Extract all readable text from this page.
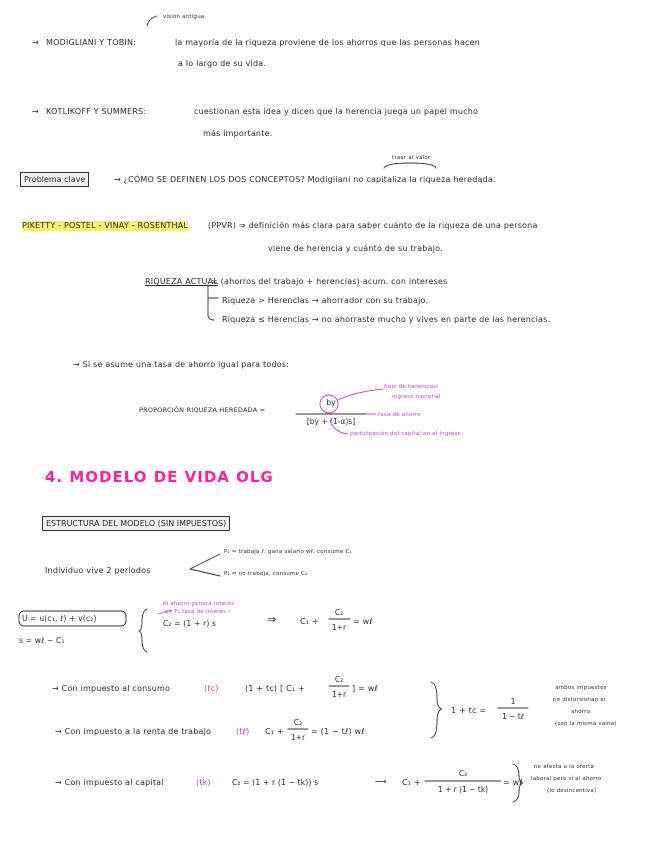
visión antigua
→ MODIGLIANI Y TOBIN:	la mayoría de la riqueza proviene de los ahorros que las personas hacen
a lo largo de su vida.
→ KOTLIKOFF Y SUMMERS:	cuestionan esta idea y dicen que la herencia juega un papel mucho
más importante.
traer al valor
Problema clave	→ ¿CÓMO SE DEFINEN LOS DOS CONCEPTOS? Modigliani no capitaliza la riqueza heredada.
PIKETTY - POSTEL - VINAY - ROSENTHAL (PPVR) ⇒ definición más clara para saber cuánto de la riqueza de una persona
viene de herencia y cuánto de su trabajo.
RIQUEZA ACTUAL
= (ahorros del trabajo + herencias) acum. con intereses
Riqueza > Herencias → ahorrador con su trabajo.
Riqueza ≤ Herencias → no ahorraste mucho y vives en parte de las herencias.
→ Si se asume una tasa de ahorro igual para todos:
PROPORCIÓN RIQUEZA HEREDADA =
by
[by + (1-α)s]
flujo de herencias/
ingreso nacional
tasa de ahorro
participación del capital en el ingreso
4. MODELO DE VIDA OLG
ESTRUCTURA DEL MODELO (SIN IMPUESTOS)
Individuo vive 2 periodos
P₁ = trabaja ℓ, gana salario wℓ, consume C₁
P₂ = no trabaja, consume C₂
U = u(c₁, ℓ) + v(c₂)
s = wℓ − C₁
el ahorro genera interés
en P₂ tasa de interés r
C₂ = (1 + r) s	⇒	C₁ +
C₂
1+r
= wℓ
→ Con impuesto al consumo	(tc)	(1 + tc) [ C₁ +
C₂
1+r
] = wℓ
→ Con impuesto a la renta de trabajo	(tℓ) C₁ +
C₂
1+r
= (1 − tℓ) wℓ
1 + tc =
1
1 − tℓ
ambos impuestos
no distorsionan el
ahorro.
(son la misma vaina)
→ Con impuesto al capital	(tk)	C₂ = (1 + r (1 − tk)) s	⟶ C₁ +
C₂
1 + r (1 − tk)
= wℓ
no afecta a la oferta
laboral pero sí al ahorro
(lo desincentiva)
